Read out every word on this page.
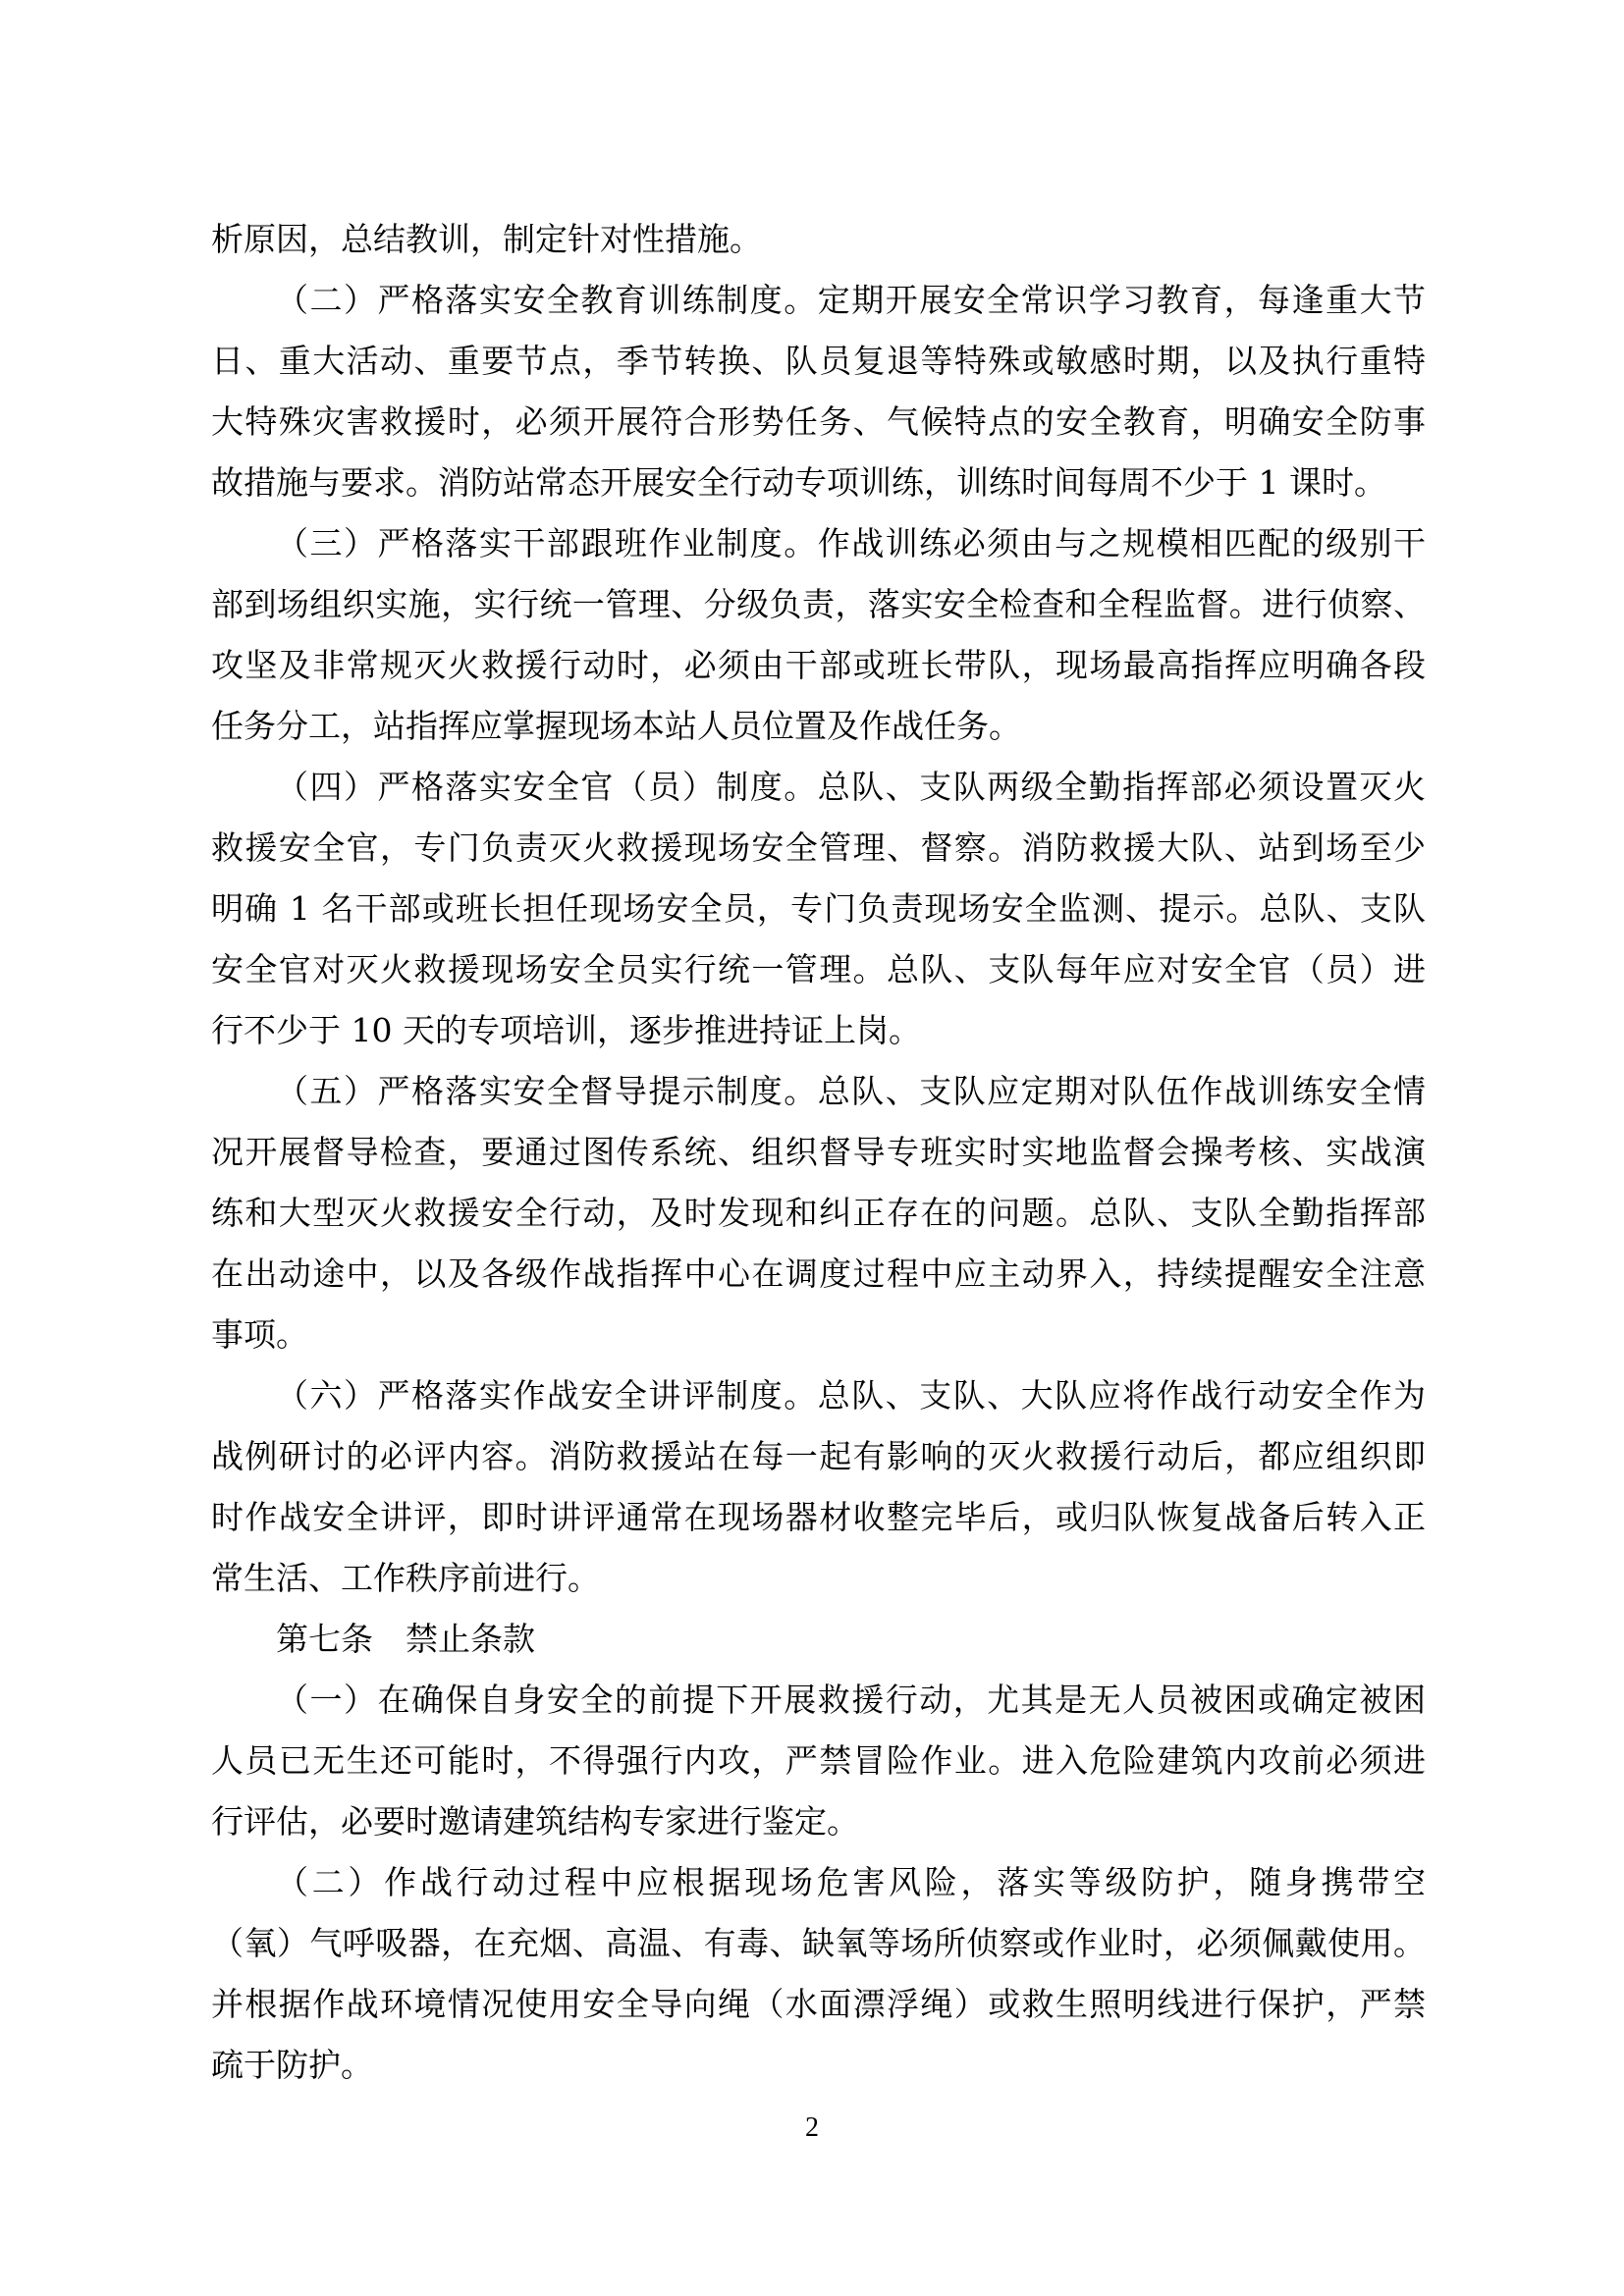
析原因，总结教训，制定针对性措施。
（二）严格落实安全教育训练制度。定期开展安全常识学习教育，每逢重大节
日、重大活动、重要节点，季节转换、队员复退等特殊或敏感时期，以及执行重特
大特殊灾害救援时，必须开展符合形势任务、气候特点的安全教育，明确安全防事
故措施与要求。消防站常态开展安全行动专项训练，训练时间每周不少于 1 课时。
（三）严格落实干部跟班作业制度。作战训练必须由与之规模相匹配的级别干
部到场组织实施，实行统一管理、分级负责，落实安全检查和全程监督。进行侦察、
攻坚及非常规灭火救援行动时，必须由干部或班长带队，现场最高指挥应明确各段
任务分工，站指挥应掌握现场本站人员位置及作战任务。
（四）严格落实安全官（员）制度。总队、支队两级全勤指挥部必须设置灭火
救援安全官，专门负责灭火救援现场安全管理、督察。消防救援大队、站到场至少
明确 1 名干部或班长担任现场安全员，专门负责现场安全监测、提示。总队、支队
安全官对灭火救援现场安全员实行统一管理。总队、支队每年应对安全官（员）进
行不少于 10 天的专项培训，逐步推进持证上岗。
（五）严格落实安全督导提示制度。总队、支队应定期对队伍作战训练安全情
况开展督导检查，要通过图传系统、组织督导专班实时实地监督会操考核、实战演
练和大型灭火救援安全行动，及时发现和纠正存在的问题。总队、支队全勤指挥部
在出动途中，以及各级作战指挥中心在调度过程中应主动界入，持续提醒安全注意
事项。
（六）严格落实作战安全讲评制度。总队、支队、大队应将作战行动安全作为
战例研讨的必评内容。消防救援站在每一起有影响的灭火救援行动后，都应组织即
时作战安全讲评，即时讲评通常在现场器材收整完毕后，或归队恢复战备后转入正
常生活、工作秩序前进行。
第七条　禁止条款
（一）在确保自身安全的前提下开展救援行动，尤其是无人员被困或确定被困
人员已无生还可能时，不得强行内攻，严禁冒险作业。进入危险建筑内攻前必须进
行评估，必要时邀请建筑结构专家进行鉴定。
（二）作战行动过程中应根据现场危害风险，落实等级防护，随身携带空
（氧）气呼吸器，在充烟、高温、有毒、缺氧等场所侦察或作业时，必须佩戴使用。
并根据作战环境情况使用安全导向绳（水面漂浮绳）或救生照明线进行保护，严禁
疏于防护。
2
